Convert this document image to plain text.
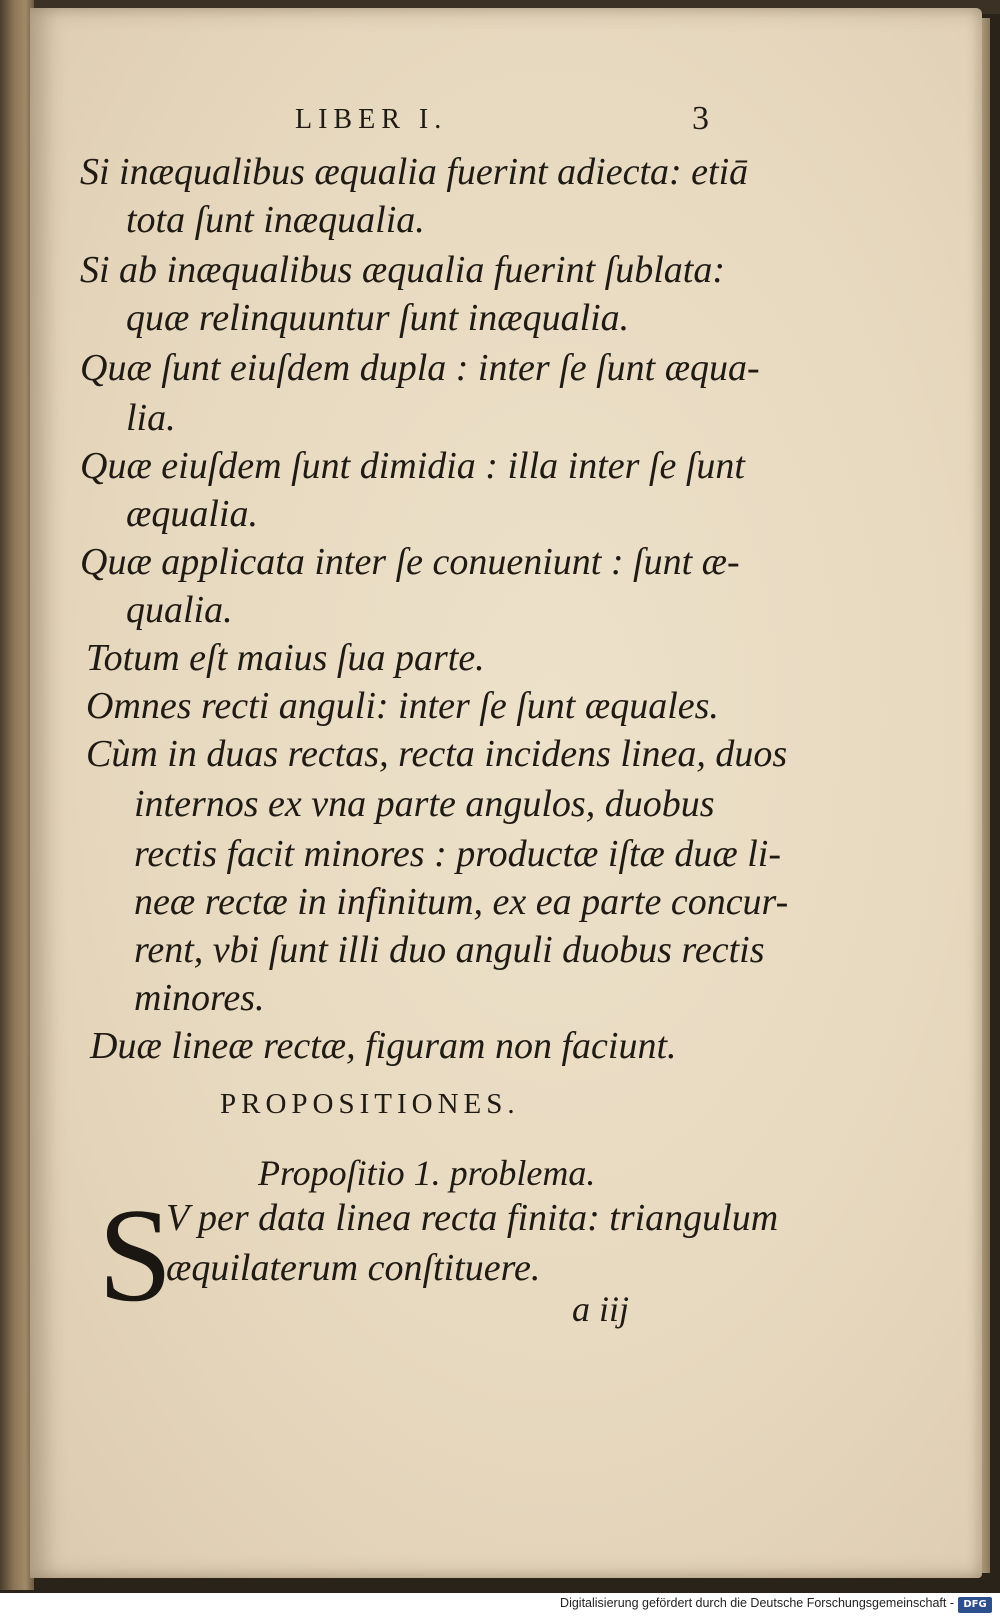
LIBER I.	3
Si inæqualibus æqualia fuerint adiecta: etiā
tota ſunt inæqualia.
Si ab inæqualibus æqualia fuerint ſublata:
quæ relinquuntur ſunt inæqualia.
Quæ ſunt eiuſdem dupla : inter ſe ſunt æqua-
lia.
Quæ eiuſdem ſunt dimidia : illa inter ſe ſunt
æqualia.
Quæ applicata inter ſe conueniunt : ſunt æ-
qualia.
Totum eſt maius ſua parte.
Omnes recti anguli: inter ſe ſunt æquales.
Cùm in duas rectas, recta incidens linea, duos
internos ex vna parte angulos, duobus
rectis facit minores : productæ iſtæ duæ li-
neæ rectæ in infinitum, ex ea parte concur-
rent, vbi ſunt illi duo anguli duobus rectis
minores.
Duæ lineæ rectæ, figuram non faciunt.
PROPOSITIONES.
Propoſitio 1. problema.
S
V per data linea recta finita: triangulum
æquilaterum conſtituere.
a iij
Digitalisierung gefördert durch die Deutsche Forschungsgemeinschaft - DFG
